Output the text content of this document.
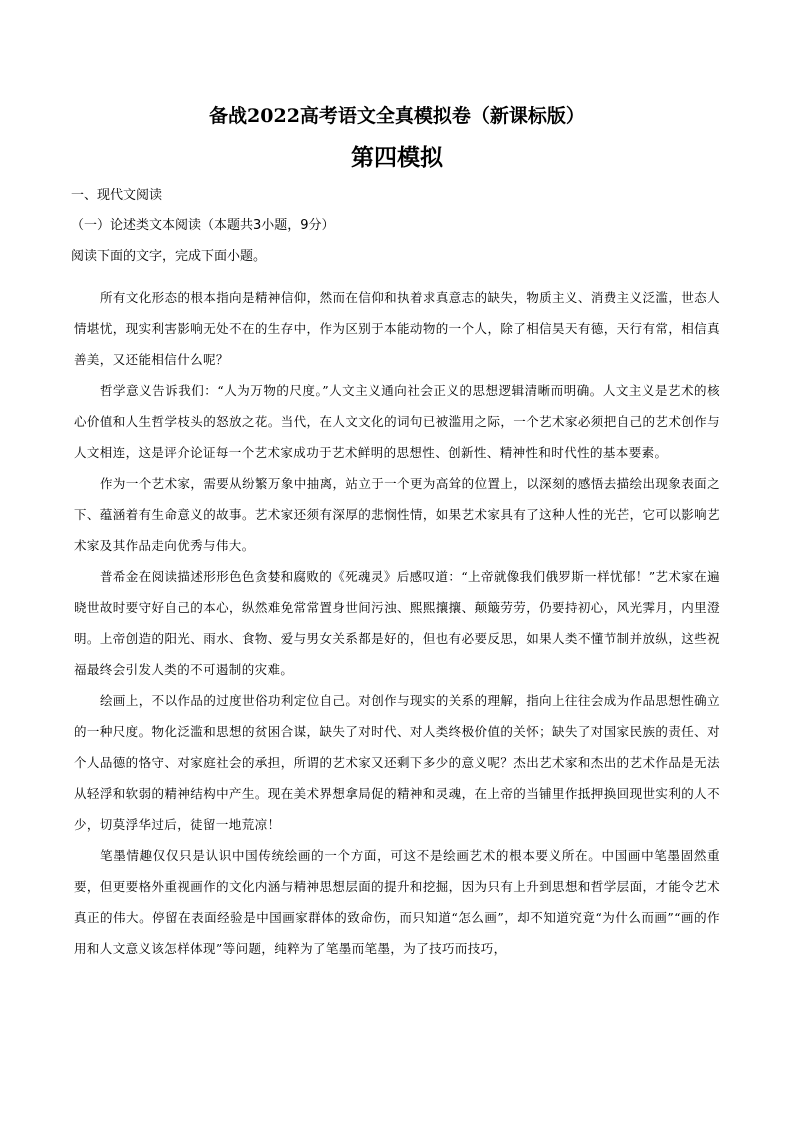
备战2022高考语文全真模拟卷（新课标版）
第四模拟
一、现代文阅读
（一）论述类文本阅读（本题共3小题，9分）
阅读下面的文字，完成下面小题。

所有文化形态的根本指向是精神信仰，然而在信仰和执着求真意志的缺失，物质主义、消费主义泛滥，世态人情堪忧，现实利害影响无处不在的生存中，作为区别于本能动物的一个人，除了相信昊天有德，天行有常，相信真善美，又还能相信什么呢？

哲学意义告诉我们：“人为万物的尺度。”人文主义通向社会正义的思想逻辑清晰而明确。人文主义是艺术的核心价值和人生哲学枝头的怒放之花。当代，在人文文化的词句已被滥用之际，一个艺术家必须把自己的艺术创作与人文相连，这是评介论证每一个艺术家成功于艺术鲜明的思想性、创新性、精神性和时代性的基本要素。

作为一个艺术家，需要从纷繁万象中抽离，站立于一个更为高耸的位置上，以深刻的感悟去描绘出现象表面之下、蕴涵着有生命意义的故事。艺术家还须有深厚的悲悯性情，如果艺术家具有了这种人性的光芒，它可以影响艺术家及其作品走向优秀与伟大。

普希金在阅读描述形形色色贪婪和腐败的《死魂灵》后感叹道：“上帝就像我们俄罗斯一样忧郁！”艺术家在遍晓世故时要守好自己的本心，纵然难免常常置身世间污浊、熙熙攘攘、颠簸劳劳，仍要持初心，风光霁月，内里澄明。上帝创造的阳光、雨水、食物、爱与男女关系都是好的，但也有必要反思，如果人类不懂节制并放纵，这些祝福最终会引发人类的不可遏制的灾难。

绘画上，不以作品的过度世俗功利定位自己。对创作与现实的关系的理解，指向上往往会成为作品思想性确立的一种尺度。物化泛滥和思想的贫困合谋，缺失了对时代、对人类终极价值的关怀；缺失了对国家民族的责任、对个人品德的恪守、对家庭社会的承担，所谓的艺术家又还剩下多少的意义呢？杰出艺术家和杰出的艺术作品是无法从轻浮和软弱的精神结构中产生。现在美术界想拿局促的精神和灵魂，在上帝的当铺里作抵押换回现世实利的人不少，切莫浮华过后，徒留一地荒凉！

笔墨情趣仅仅只是认识中国传统绘画的一个方面，可这不是绘画艺术的根本要义所在。中国画中笔墨固然重要，但更要格外重视画作的文化内涵与精神思想层面的提升和挖掘，因为只有上升到思想和哲学层面，才能令艺术真正的伟大。停留在表面经验是中国画家群体的致命伤，而只知道“怎么画”，却不知道究竟“为什么而画”“画的作用和人文意义该怎样体现”等问题，纯粹为了笔墨而笔墨，为了技巧而技巧，
